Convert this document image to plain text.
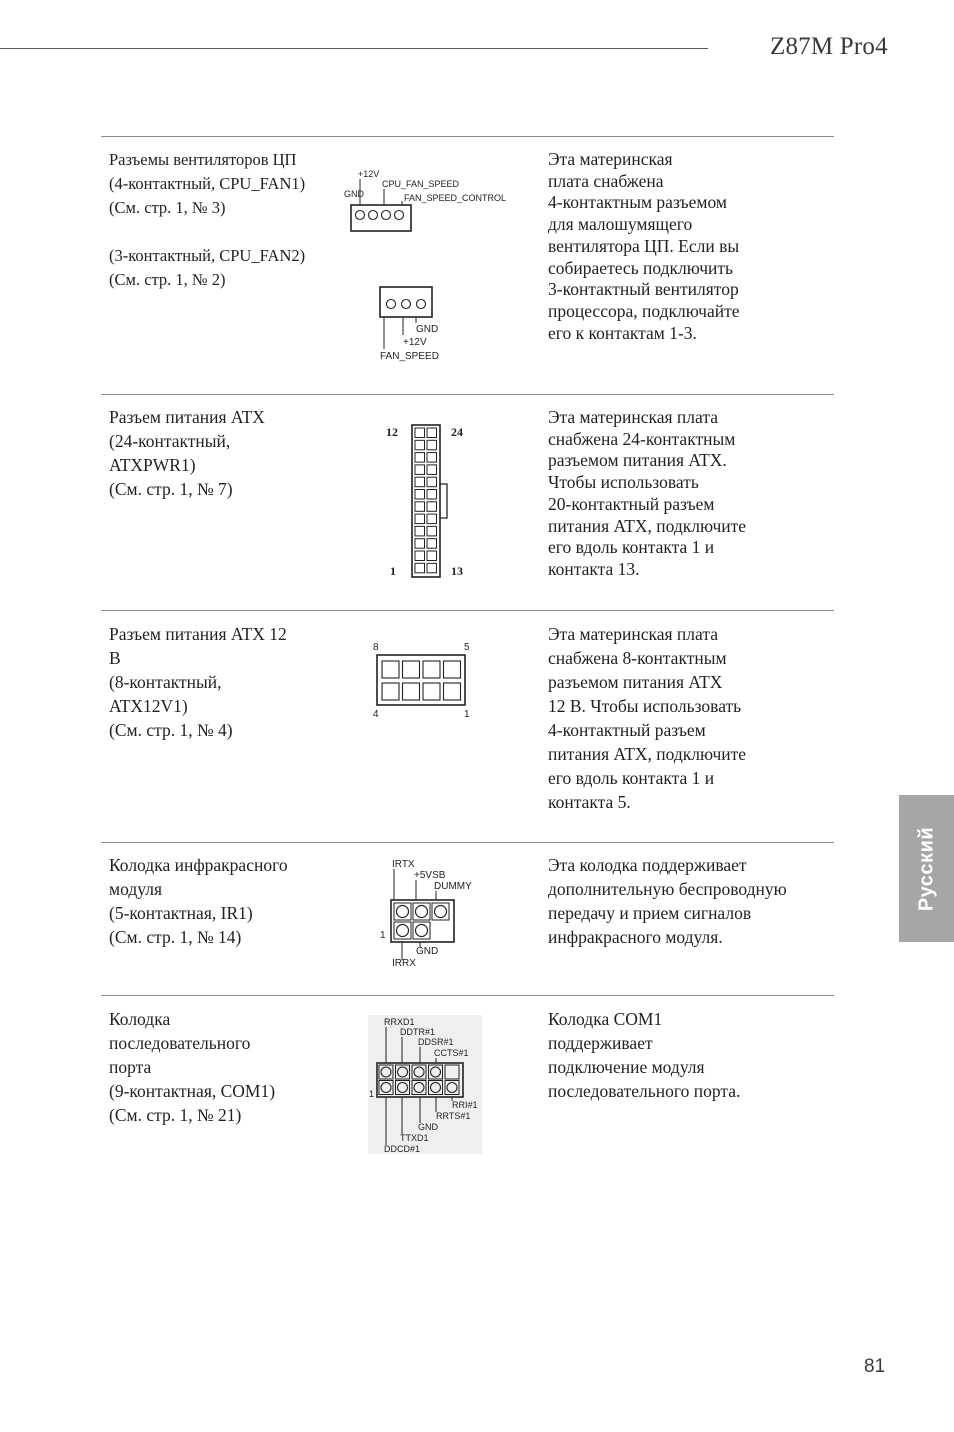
Z87M Pro4
Разъемы вентиляторов ЦП
(4-контактный, CPU_FAN1)
(См. стр. 1, № 3)
(3-контактный, CPU_FAN2)
(См. стр. 1, № 2)
+12V
CPU_FAN_SPEED
GND	FAN_SPEED_CONTROL
GND
+12V
FAN_SPEED
Эта материнская
плата снабжена
4-контактным разъемом
для малошумящего
вентилятора ЦП. Если вы
собираетесь подключить
3-контактный вентилятор
процессора, подключайте
его к контактам 1-3.
Разъем питания ATX
(24-контактный,
ATXPWR1)
(См. стр. 1, № 7)
12	24
1	13
Эта материнская плата
снабжена 24-контактным
разъемом питания ATX.
Чтобы использовать
20-контактный разъем
питания ATX, подключите
его вдоль контакта 1 и
контакта 13.
Разъем питания ATX 12
В
(8-контактный,
ATX12V1)
(См. стр. 1, № 4)
8	5
4	1
Эта материнская плата
снабжена 8-контактным
разъемом питания ATX
12 В. Чтобы использовать
4-контактный разъем
питания ATX, подключите
его вдоль контакта 1 и
контакта 5.
Колодка инфракрасного
модуля
(5-контактная, IR1)
(См. стр. 1, № 14)
IRTX
+5VSB
DUMMY
1
GND
IRRX
Эта колодка поддерживает
дополнительную беспроводную
передачу и прием сигналов
инфракрасного модуля.
Колодка
последовательного
порта
(9-контактная, COM1)
(См. стр. 1, № 21)
RRXD1
DDTR#1
DDSR#1
CCTS#1
1
RRI#1
RRTS#1
GND
TTXD1
DDCD#1
Колодка COM1
поддерживает
подключение модуля
последовательного порта.
Русский
81
